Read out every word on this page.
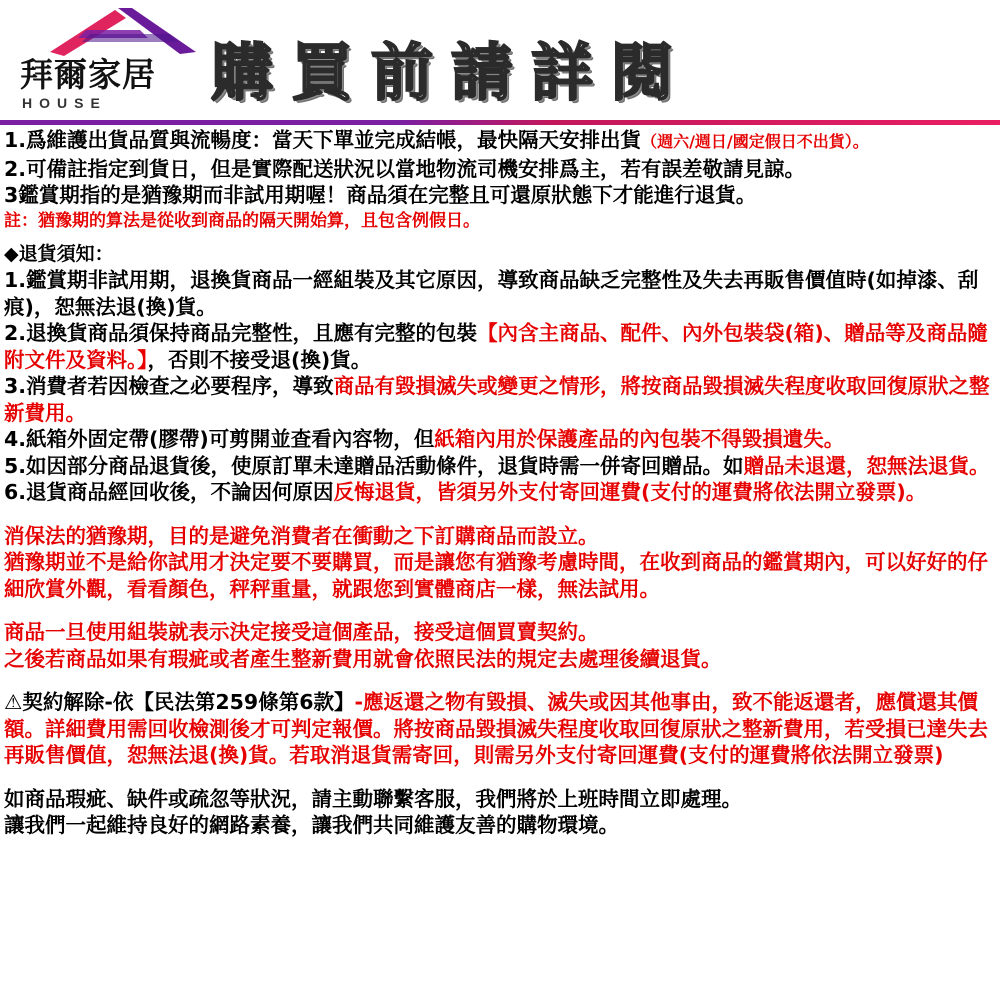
拜爾家居
HOUSE	購買前請詳閱
1.爲維護出貨品質與流暢度：當天下單並完成結帳，最快隔天安排出貨（週六/週日/國定假日不出貨）。
2.可備註指定到貨日，但是實際配送狀況以當地物流司機安排爲主，若有誤差敬請見諒。
3鑑賞期指的是猶豫期而非試用期喔！商品須在完整且可還原狀態下才能進行退貨。
註：猶豫期的算法是從收到商品的隔天開始算，且包含例假日。
◆退貨須知：
1.鑑賞期非試用期，退換貨商品一經組裝及其它原因，導致商品缺乏完整性及失去再販售價值時(如掉漆、刮痕)，恕無法退(換)貨。
2.退換貨商品須保持商品完整性，且應有完整的包裝【內含主商品、配件、內外包裝袋(箱)、贈品等及商品隨附文件及資料。】，否則不接受退(換)貨。
3.消費者若因檢查之必要程序，導致商品有毀損滅失或變更之情形，將按商品毀損滅失程度收取回復原狀之整新費用。
4.紙箱外固定帶(膠帶)可剪開並查看內容物，但紙箱內用於保護產品的內包裝不得毀損遺失。
5.如因部分商品退貨後，使原訂單未達贈品活動條件，退貨時需一併寄回贈品。如贈品未退還，恕無法退貨。
6.退貨商品經回收後，不論因何原因反悔退貨，皆須另外支付寄回運費(支付的運費將依法開立發票)。
消保法的猶豫期，目的是避免消費者在衝動之下訂購商品而設立。
猶豫期並不是給你試用才決定要不要購買，而是讓您有猶豫考慮時間，在收到商品的鑑賞期內，可以好好的仔細欣賞外觀，看看顏色，秤秤重量，就跟您到實體商店一樣，無法試用。
商品一旦使用組裝就表示決定接受這個產品，接受這個買賣契約。
之後若商品如果有瑕疵或者產生整新費用就會依照民法的規定去處理後續退貨。
⚠契約解除-依【民法第259條第6款】-應返還之物有毀損、滅失或因其他事由，致不能返還者，應償還其價額。詳細費用需回收檢測後才可判定報價。將按商品毀損滅失程度收取回復原狀之整新費用，若受損已達失去再販售價值，恕無法退(換)貨。若取消退貨需寄回，則需另外支付寄回運費(支付的運費將依法開立發票)
如商品瑕疵、缺件或疏忽等狀況，請主動聯繫客服，我們將於上班時間立即處理。
讓我們一起維持良好的網路素養，讓我們共同維護友善的購物環境。
